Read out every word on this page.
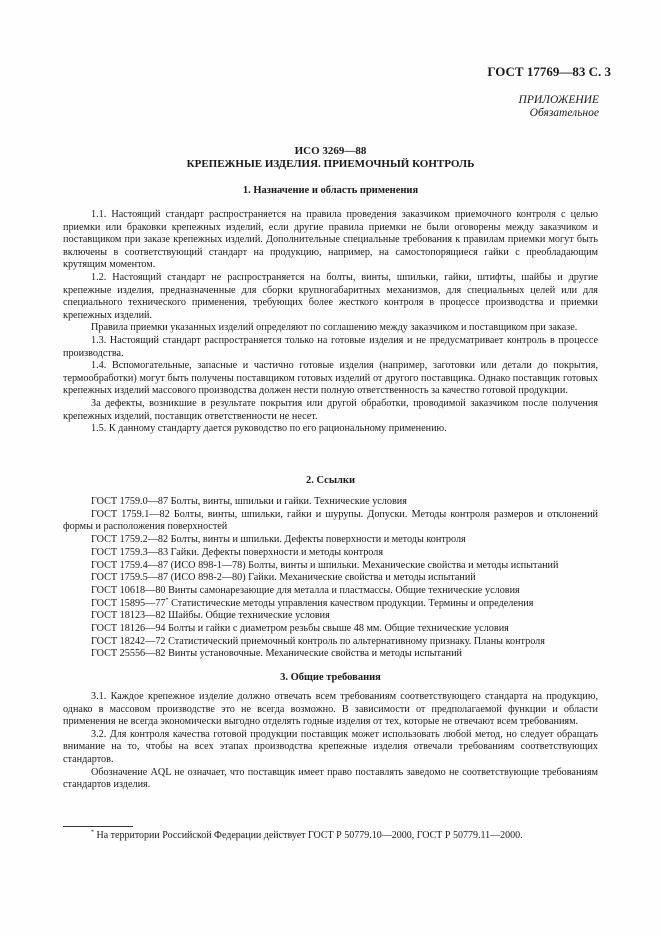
ГОСТ 17769—83 С. 3
ПРИЛОЖЕНИЕ
Обязательное
ИСО 3269—88
КРЕПЕЖНЫЕ ИЗДЕЛИЯ. ПРИЕМОЧНЫЙ КОНТРОЛЬ
1. Назначение и область применения

1.1. Настоящий стандарт распространяется на правила проведения заказчиком приемочного контроля с целью приемки или браковки крепежных изделий, если другие правила приемки не были оговорены между заказчиком и поставщиком при заказе крепежных изделий. Дополнительные специальные требования к правилам приемки могут быть включены в соответствующий стандарт на продукцию, например, на самостопорящиеся гайки с преобладающим крутящим моментом.

1.2. Настоящий стандарт не распространяется на болты, винты, шпильки, гайки, штифты, шайбы и другие крепежные изделия, предназначенные для сборки крупногабаритных механизмов, для специальных целей или для специального технического применения, требующих более жесткого контроля в процессе производства и приемки крепежных изделий.

Правила приемки указанных изделий определяют по соглашению между заказчиком и поставщиком при заказе.

1.3. Настоящий стандарт распространяется только на готовые изделия и не предусматривает контроль в процессе производства.

1.4. Вспомогательные, запасные и частично готовые изделия (например, заготовки или детали до покрытия, термообработки) могут быть получены поставщиком готовых изделий от другого поставщика. Однако поставщик готовых крепежных изделий массового производства должен нести полную ответственность за качество готовой продукции.

За дефекты, возникшие в результате покрытия или другой обработки, проводимой заказчиком после получения крепежных изделий, поставщик ответственности не несет.

1.5. К данному стандарту дается руководство по его рациональному применению.

2. Ссылки
ГОСТ 1759.0—87 Болты, винты, шпильки и гайки. Технические условия
ГОСТ 1759.1—82 Болты, винты, шпильки, гайки и шурупы. Допуски. Методы контроля размеров и отклонений формы и расположения поверхностей
ГОСТ 1759.2—82 Болты, винты и шпильки. Дефекты поверхности и методы контроля
ГОСТ 1759.3—83 Гайки. Дефекты поверхности и методы контроля
ГОСТ 1759.4—87 (ИСО 898-1—78) Болты, винты и шпильки. Механические свойства и методы испытаний
ГОСТ 1759.5—87 (ИСО 898-2—80) Гайки. Механические свойства и методы испытаний
ГОСТ 10618—80 Винты самонарезающие для металла и пластмассы. Общие технические условия
ГОСТ 15895—77* Статистические методы управления качеством продукции. Термины и определения
ГОСТ 18123—82 Шайбы. Общие технические условия
ГОСТ 18126—94 Болты и гайки с диаметром резьбы свыше 48 мм. Общие технические условия
ГОСТ 18242—72 Статистический приемочный контроль по альтернативному признаку. Планы контроля
ГОСТ 25556—82 Винты установочные. Механические свойства и методы испытаний
3. Общие требования

3.1. Каждое крепежное изделие должно отвечать всем требованиям соответствующего стандарта на продукцию, однако в массовом производстве это не всегда возможно. В зависимости от предполагаемой функции и области применения не всегда экономически выгодно отделять годные изделия от тех, которые не отвечают всем требованиям.

3.2. Для контроля качества готовой продукции поставщик может использовать любой метод, но следует обращать внимание на то, чтобы на всех этапах производства крепежные изделия отвечали требованиям соответствующих стандартов.

Обозначение AQL не означает, что поставщик имеет право поставлять заведомо не соответствующие требованиям стандартов изделия.

* На территории Российской Федерации действует ГОСТ Р 50779.10—2000, ГОСТ Р 50779.11—2000.
